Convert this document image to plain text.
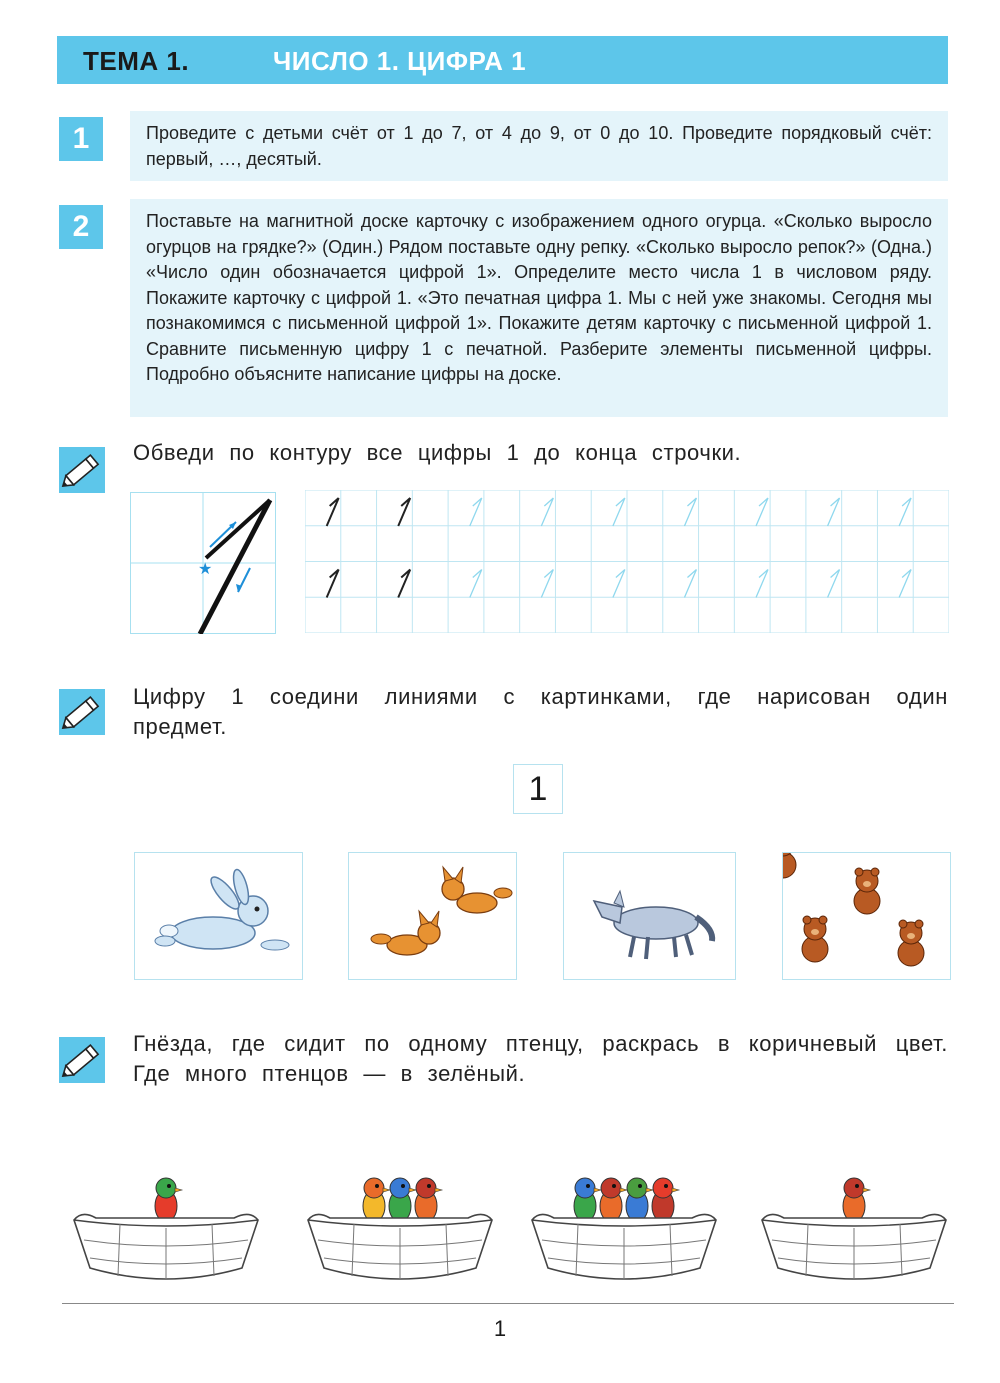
ТЕМА 1.	ЧИСЛО 1. ЦИФРА 1
1	Проведите с детьми счёт от 1 до 7, от 4 до 9, от 0 до 10. Проведите порядковый счёт: первый, …, десятый.
2	Поставьте на магнитной доске карточку с изображением одного огурца. «Сколько выросло огурцов на грядке?» (Один.) Рядом поставьте одну репку. «Сколько выросло репок?» (Одна.) «Число один обозначается цифрой 1». Определите место числа 1 в числовом ряду. Покажите карточку с цифрой 1. «Это печатная цифра 1. Мы с ней уже знакомы. Сегодня мы познакомимся с письменной цифрой 1». Покажите детям карточку с письменной цифрой 1. Сравните письменную цифру 1 с печатной. Разберите элементы письменной цифры. Подробно объясните написание цифры на доске.
Обведи по контуру все цифры 1 до конца строчки.
★
Цифру 1 соедини линиями с картинками, где нарисован один предмет.
1
Гнёзда, где сидит по одному птенцу, раскрась в коричневый цвет. Где много птенцов — в зелёный.
1
